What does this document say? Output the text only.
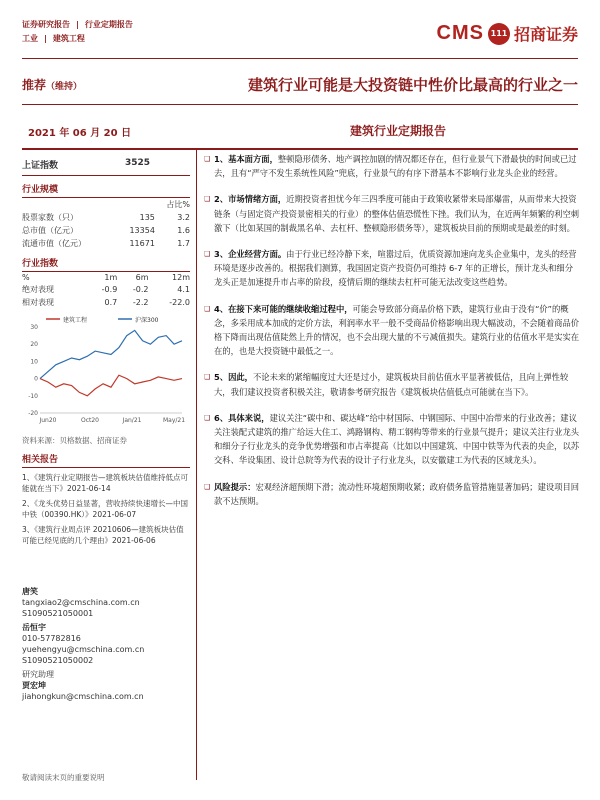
证券研究报告 | 行业定期报告
工业 | 建筑工程	CMS 111 招商证券
推荐（维持）	建筑行业可能是大投资链中性价比最高的行业之一
2021 年 06 月 20 日	建筑行业定期报告
上证指数	3525
行业规模
		占比%
股票家数（只）	135	3.2
总市值（亿元）	13354	1.6
流通市值（亿元）	11671	1.7
行业指数
%	1m	6m	12m
绝对表现	-0.9	-0.2	4.1
相对表现	0.7	-2.2	-22.0
建筑工程	沪深300
30
20
10
0
-10
-20
Jun20	Oct20	Jan/21	May/21
资料来源：贝格数据、招商证券
相关报告
1、《建筑行业定期报告—建筑板块估值维持低点可能就在当下》2021-06-14
2、《龙头优势日益显著，营收持续快速增长—中国中铁（00390.HK）》2021-06-07
3、《建筑行业周点评 20210606—建筑板块估值可能已经见底的几个理由》2021-06-06
唐笑
tangxiao2@cmschina.com.cn
S1090521050001
岳恒宇
010-57782816
yuehengyu@cmschina.com.cn
S1090521050002
研究助理
贾宏坤
jiahongkun@cmschina.com.cn
❑ 1、基本面方面，整顿隐形债务、地产调控加剧的情况都还存在，但行业景气下滑最快的时间或已过去，且有“严守不发生系统性风险”兜底，行业景气的有序下滑基本不影响行业龙头企业的经营。
❑ 2、市场情绪方面，近期投资者担忧今年三四季度可能由于政策收紧带来局部爆雷，从而带来大投资链条（与固定资产投资景密相关的行业）的整体估值恐慌性下挫。我们认为，在近两年频繁的利空刺激下（比如某国的制裁黑名单、去杠杆、整顿隐形债务等），建筑板块目前的预期或是最差的时刻。
❑ 3、企业经营方面。由于行业已经冷静下来，喧嚣过后，优质资源加速向龙头企业集中，龙头的经营环境是逐步改善的。根据我们测算，我国固定资产投资仍可维持 6-7 年的正增长，预计龙头和细分龙头正是加速提升市占率的阶段，疫情后期的继续去杠杆可能无法改变这些趋势。
❑ 4、在接下来可能的继续收缩过程中，可能会导致部分商品价格下跌，建筑行业由于没有“价”的概念，多采用成本加成的定价方法，利润率水平一般不受商品价格影响出现大幅波动，不会随着商品价格下降而出现估值陡然上升的情况，也不会出现大量的不亏减值损失。建筑行业的估值水平是实实在在的，也是大投资链中最低之一。
❑ 5、因此，不论未来的紧缩幅度过大还是过小，建筑板块目前估值水平显著被低估，且向上弹性较大，我们建议投资者积极关注，敬请参考研究报告《建筑板块估值低点可能就在当下》。
❑ 6、具体来说，建议关注“碳中和、碳达峰”给中材国际、中钢国际、中国中冶带来的行业改善；建议关注装配式建筑的推广给远大住工、鸿路钢构、精工钢构等带来的行业景气提升；建议关注行业龙头和细分子行业龙头的竞争优势增强和市占率提高（比如以中国建筑、中国中铁等为代表的央企，以苏交科、华设集团、设计总院等为代表的设计子行业龙头，以安徽建工为代表的区域龙头）。
❑ 风险提示：宏观经济超预期下滑；流动性环境超预期收紧；政府债务监管措施显著加码；建设项目回款不达预期。
敬请阅读末页的重要说明
